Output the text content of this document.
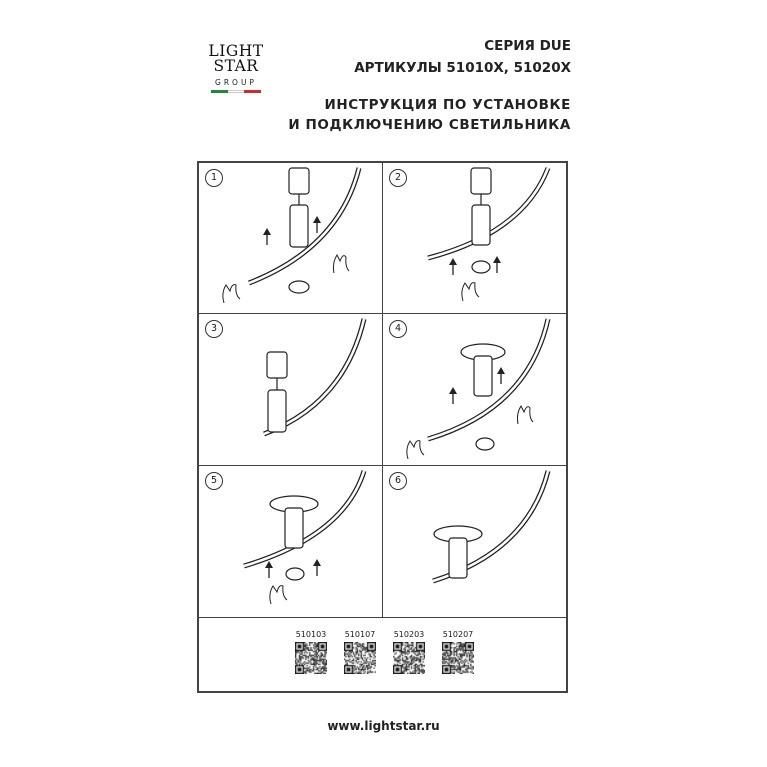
LIGHT
STAR
GROUP
СЕРИЯ DUE
АРТИКУЛЫ 51010X, 51020X
ИНСТРУКЦИЯ ПО УСТАНОВКЕ
И ПОДКЛЮЧЕНИЮ СВЕТИЛЬНИКА
1	2
3	4
5	6
510103 510107 510203 510207
www.lightstar.ru
